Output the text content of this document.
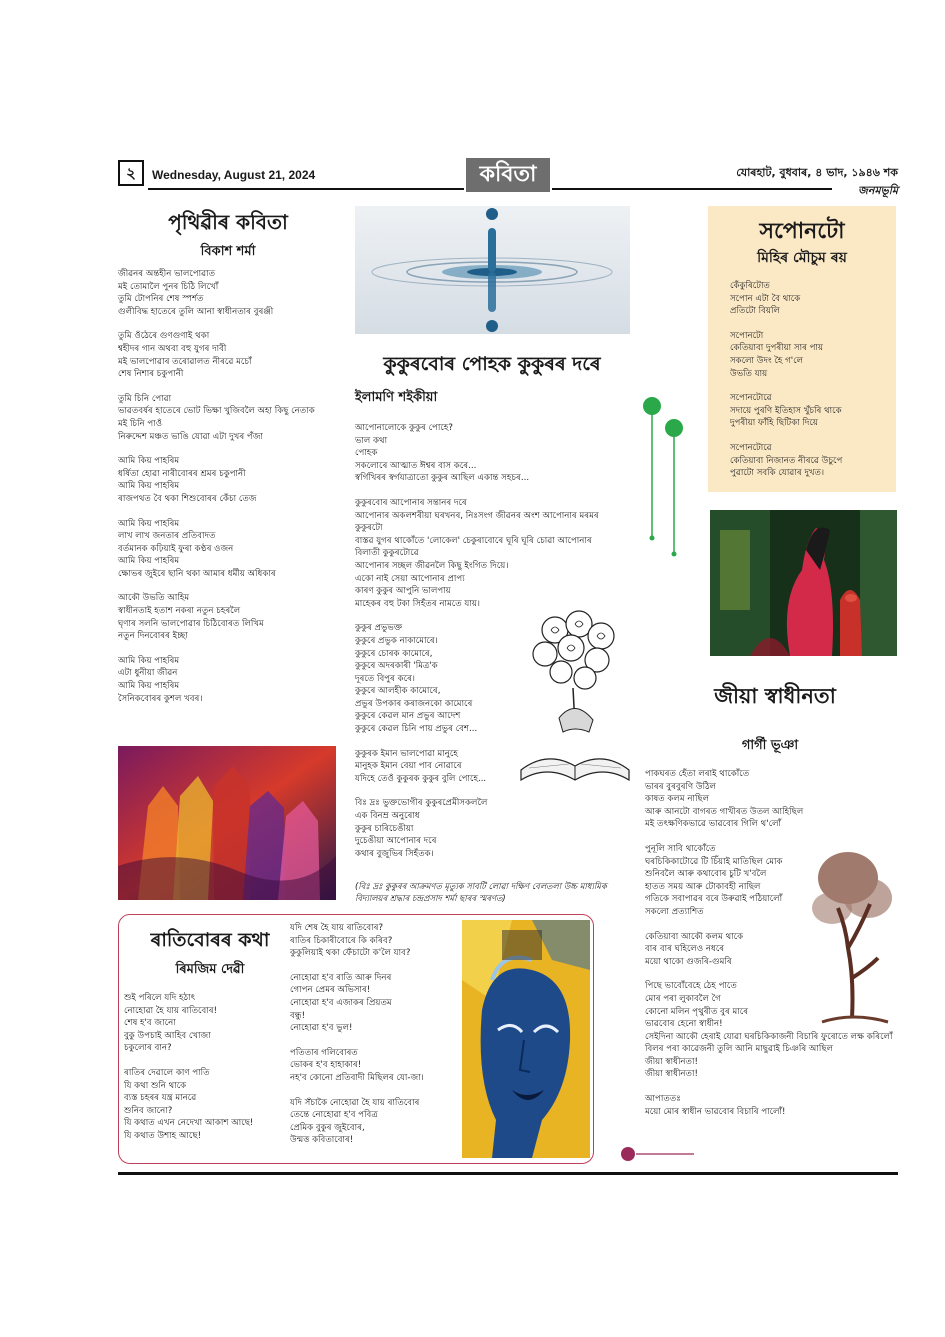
২	Wednesday, August 21, 2024	কবিতা	যোৰহাট, বুধবাৰ, ৪ ভাদ, ১৯৪৬ শক
জনমভূমি
পৃথিৱীৰ কবিতা
বিকাশ শৰ্মা

জীৱনৰ অন্তহীন ভালপোৱাত
মই তোমালৈ পুনৰ চিঠি লিখোঁ
তুমি টোপনিৰ শেষ স্পৰ্শত
গুলীবিদ্ধ হাতেৰে তুলি আনা স্বাধীনতাৰ বুৰঞ্জী

তুমি ওঁঠেৰে গুণগুণাই থকা
শ্বহীদৰ গান অথবা বহু যুগৰ দাবী
মই ভালপোৱাৰ তৰোৱালত নীৰৱে মচোঁ
শেষ নিশাৰ চকুপানী

তুমি চিনি পোৱা
ভাৱতবৰ্ষৰ হাতেৰে ভোট ভিক্ষা খুজিবলৈ অহা কিছু নেতাক
মই চিনি পাওঁ
নিৰুদ্দেশ মঞ্চত ভাঙি যোৱা এটা দুখৰ পঁজা

আমি কিয় পাহৰিম
ধৰ্ষিতা হোৱা নাৰীবোৰৰ শ্ৰমৰ চকুপানী
আমি কিয় পাহৰিম
ৰাজপথত বৈ থকা শিশুবোৰৰ কেঁচা তেজ

আমি কিয় পাহৰিম
লাখ লাখ জনতাৰ প্ৰতিবাদত
বৰ্তমানক কঢ়িয়াই ফুৰা কণ্ঠৰ ওজন
আমি কিয় পাহৰিম
ক্ষোভৰ জুইৰে ছানি থকা আমাৰ ধৰ্মীয় অধিকাৰ

আকৌ উভতি আহিম
স্বাধীনতাই হতাশ নকৰা নতুন চহৰলৈ
ঘৃণাৰ সলনি ভালপোৱাৰ চিঠিবোৰত লিখিম
নতুন দিনবোৰৰ ইচ্ছা

আমি কিয় পাহৰিম
এটা ধুনীয়া জীৱন
আমি কিয় পাহৰিম
সৈনিকবোৰৰ কুশল খবৰ।

কুকুৰবোৰ পোহক কুকুৰৰ দৰে
ইলামণি শইকীয়া

আপোনালোকে কুকুৰ পোহে?
ভাল কথা
পোহক
সকলোৰে আত্মাত ঈশ্বৰ বাস কৰে...
স্বৰ্গিখিৰৰ স্বৰ্গযাত্ৰাতো কুকুৰ আছিল একান্ত সহচৰ...

কুকুৰবোৰ আপোনাৰ সন্তানৰ দৰে
আপোনাৰ অকলশৰীয়া ঘৰখনৰ, নিঃসংগ জীৱনৰ অংশ আপোনাৰ মৰমৰ
কুকুৰটো
বাস্তৱ যুগৰ থাকোঁতে 'লোকেল' চেকুৰাবোৰে ঘূৰি ঘূৰি চোৱা আপোনাৰ
বিলাতী কুকুৰটোৱে
আপোনাৰ সচ্ছল জীৱনলৈ কিছু ইংগিত দিয়ে।
একো নাই সেয়া আপোনাৰ প্ৰাপ্য
কাৰণ কুকুৰ আপুনি ভালপায়
মাহেকৰ বহু টকা সিহঁতৰ নামতে যায়।

কুকুৰ প্ৰভুভক্ত
কুকুৰে প্ৰভুক নাকামোৰে।
কুকুৰে চোৰক কামোৰে,
কুকুৰে অদৰকাৰী 'মিত্ৰ'ক
দূৰতে বিপুৰ কৰে।
কুকুৰে আলহীক কামোৰে,
প্ৰভুৰ উপকাৰ কৰাজনকো কামোৰে
কুকুৰে কেৱল মান প্ৰভুৰ আদেশ
কুকুৰে কেৱল চিনি পায় প্ৰভুৰ বেশ...

কুকুৰক ইমান ভালপোৱা মানুহে
মানুহক ইমান বেয়া পাব নোৱাৰে
যদিহে তেওঁ কুকুৰক কুকুৰ বুলি পোহে...

বিঃ দ্ৰঃ ভুক্তভোগীৰ কুকুৰপ্ৰেমীসকললৈ
এক বিনম্ৰ অনুৰোধ
কুকুৰ চাৰিচেঙীয়া
দুচেঙীয়া আপোনাৰ দৰে
কথাৰ বুজুভিৰ সিহঁতক।

(বিঃ দ্ৰঃ কুকুৰৰ আক্ৰমণত মৃত্যুক সাবটি লোৱা দক্ষিণ বেলতলা উচ্চ মাধ্যমিক বিদ্যালয়ৰ শ্ৰদ্ধাৰ চন্দ্ৰপ্ৰসাদ শৰ্মা ছাৰৰ স্মৰণত)
সপোনটো
মিহিৰ মৌচুম ৰয়

কেঁকুৰিটোত
সপোন এটা বৈ থাকে
প্ৰতিটো বিয়লি

সপোনটো
কেতিয়াবা দুপৰীয়া সাৰ পায়
সকলো উদং হৈ গ'লে
উভতি যায়

সপোনটোৱে
সদায়ে পুৰণি ইতিহাস খুঁচৰি থাকে
দুপৰীয়া ফাঁহি ছিটিকা দিয়ে

সপোনটোৱে
কেতিয়াবা নিজানত নীৰৱে উচুপে
পুৱাটো সবকি যোৱাৰ দুখত।

জীয়া স্বাধীনতা
গাৰ্গী ভূঞা

পাকঘৰত হেঁতা লৰাই থাকোঁতে
ভাৰৰ বুৰবুৰণি উঠিল
কাষত কলম নাছিল
আৰু আনটো বাগৰত গাখীৰত উতল আহিছিল
মই তৎক্ষণিকভাৱে ভাৱবোৰ গিলি থ'লোঁ

পুনূলি সাবি থাকোঁতে
ঘৰচিকিকাটোৱে টি চিঁয়াই মাতিছিল মোক
শুনিবলৈ আৰু কথাবোৰ চুটি খ'বলৈ
হাতত সময় আৰু টোকাবহী নাছিল
গতিকে সবাপাৱৰ বৰে উৰুৱাই পঠিয়ালোঁ
সকলো প্ৰত্যাশিত

কেতিয়াবা আকৌ কলম থাকে
বাৰ বাৰ ঘহিলেও নধৰে
ময়ো থাকো গুজৰি-গুমৰি

পিছে ভাবোঁবেহে ঠেহ পাতে
মোৰ পৰা লুকাবলৈ গৈ
কোনো মলিন পৃথুৰীত বুৰ মাৰে
ভাৱবোৰ হেনো স্বাধীন!
সেইদিনা আকৌ হেৰাই যোৱা ঘৰচিকিকাজনী বিচাৰি ফুৰোতে লক্ষ কৰিলোঁ
বিলৰ পৰা কাৱেজনী তুলি আনি মাছুৱাই চিঞৰি আছিল
জীয়া স্বাধীনতা!
জীয়া স্বাধীনতা!

আপাততঃ
ময়ো মোৰ স্বাধীন ভাৱবোৰ বিচাৰি পালোঁ!

ৰাতিবোৰৰ কথা
ৰিমজিম দেৱী

শুই পৰিলে যদি হঠাৎ
নোহোৱা হৈ যায় ৰাতিবোৰ!
শেষ হ'ব জানো
বুকু উপচাই আহিব খোজা
চকুলোৰ বান?

ৰাতিৰ দেৱালে কাণ পাতি
যি কথা শুনি থাকে
ব্যস্ত চহৰৰ যন্ত্ৰ মানৱে
শুনিব জানো?
যি কথাত এখন নেদেখা আকাশ আছে!
যি কথাত উশাহ আছে!

যদি শেষ হৈ যায় ৰাতিবোৰ?
ৰাতিৰ চিকাৰীবোৰে কি কৰিব?
কুকুলিয়াই থকা ফেঁচাটো ক'লৈ যাব?

নোহোৱা হ'ব ৰাতি আৰু দিনৰ
গোপন প্ৰেমৰ অভিসাৰ!
নোহোৱা হ'ব এজাকৰ প্ৰিয়তম
বন্ধু!
নোহোৱা হ'ব ভুল!

পতিতাৰ গলিবোৰত
ভোকৰ হ'ব হাহাকাৰ!
নহ'ব কোনো প্ৰতিবাদী মিছিলৰ যো-জা।

যদি সঁচাকৈ নোহোৱা হৈ যায় ৰাতিবোৰ
তেন্তে নোহোৱা হ'ব পবিত্ৰ
প্ৰেমিক বুকুৰ জুইবোৰ,
উন্মত্ত কবিতাবোৰ!
